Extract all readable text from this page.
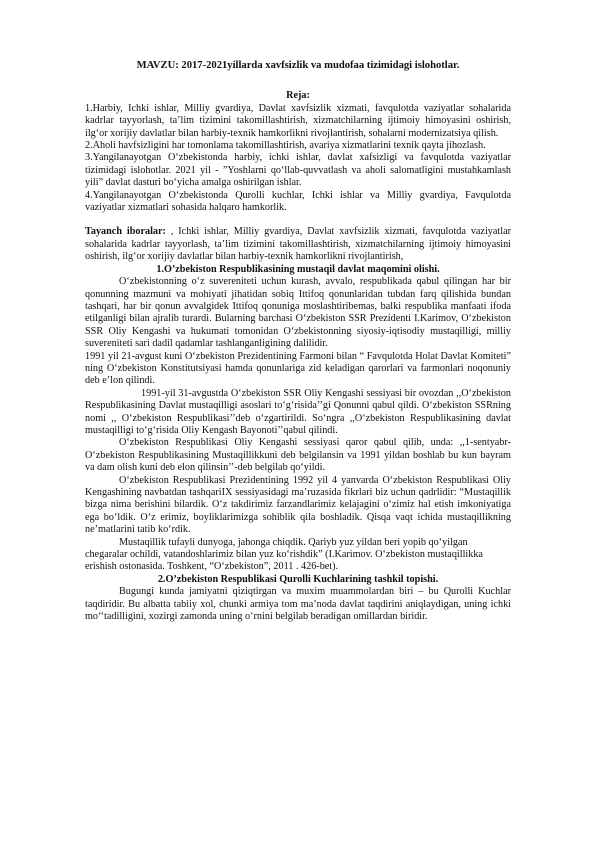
MAVZU: 2017-2021yillarda xavfsizlik va mudofaa tizimidagi islohotlar.

Reja:

1.Harbiy, Ichki ishlar, Milliy gvardiya, Davlat xavfsizlik xizmati, favqulotda vaziyatlar sohalarida kadrlar tayyorlash, ta’lim tizimini takomillashtirish, xizmatchilarning ijtimoiy himoyasini oshirish, ilg‘or xorijiy davlatlar bilan harbiy-texnik hamkorlikni rivojlantirish, sohalarni modernizatsiya qilish.

2.Aholi havfsizligini har tomonlama takomillashtirish, avariya xizmatlarini texnik qayta jihozlash.

3.Yangilanayotgan O‘zbekistonda harbiy, ichki ishlar, davlat xafsizligi va favqulotda vaziyatlar tizimidagi islohotlar. 2021 yil - ”Yoshlarni qo‘llab-quvvatlash va aholi salomatligini mustahkamlash yili” davlat dasturi bo‘yicha amalga oshirilgan ishlar.

4.Yangilanayotgan O‘zbekistonda Qurolli kuchlar, Ichki ishlar va Milliy gvardiya, Favqulotda vaziyatlar xizmatlari sohasida halqaro hamkorlik.

Tayanch iboralar: , Ichki ishlar, Milliy gvardiya, Davlat xavfsizlik xizmati, favqulotda vaziyatlar sohalarida kadrlar tayyorlash, ta’lim tizimini takomillashtirish, xizmatchilarning ijtimoiy himoyasini oshirish, ilg‘or xorijiy davlatlar bilan harbiy-texnik hamkorlikni rivojlantirish,

1.O’zbekiston Respublikasining mustaqil davlat maqomini olishi.

O‘zbekistonning o‘z suvereniteti uchun kurash, avvalo, respublikada qabul qilingan har bir qonunning mazmuni va mohiyati jihatidan sobiq Ittifoq qonunlaridan tubdan farq qilishida bundan tashqari, har bir qonun avvalgidek Ittifoq qonuniga moslashtiribemas, balki respublika manfaati ifoda etilganligi bilan ajralib turardi. Bularning barchasi O‘zbekiston SSR Prezidenti I.Karimov, O‘zbekiston SSR Oliy Kengashi va hukumati tomonidan O‘zbekistonning siyosiy-iqtisodiy mustaqilligi, milliy suvereniteti sari dadil qadamlar tashlanganligining dalilidir.

1991 yil 21-avgust kuni O‘zbekiston Prezidentining Farmoni bilan “ Favqulotda Holat Davlat Komiteti” ning O‘zbekiston Konstitutsiyasi hamda qonunlariga zid keladigan qarorlari va farmonlari noqonuniy deb e’lon qilindi.

1991-yil 31-avgustda O‘zbekiston SSR Oliy Kengashi sessiyasi bir ovozdan ,,O‘zbekiston Respublikasining Davlat mustaqilligi asoslari to‘g‘risida’’gi Qonunni qabul qildi. O‘zbekiston SSRning nomi ,, O‘zbekiston Respublikasi’’deb o‘zgartirildi. So‘ngra ,,O‘zbekiston Respublikasining davlat mustaqilligi to‘g‘risida Oliy Kengash Bayonoti’’qabul qilindi.

O‘zbekiston Respublikasi Oliy Kengashi sessiyasi qaror qabul qilib, unda: ,,1-sentyabr- O‘zbekiston Respublikasining Mustaqillikkuni deb belgilansin va 1991 yildan boshlab bu kun bayram va dam olish kuni deb elon qilinsin’’-deb belgilab qo‘yildi.

O‘zbekiston Respublikasi Prezidentining 1992 yil 4 yanvarda O‘zbekiston Respublikasi Oliy Kengashining navbatdan tashqariIX sessiyasidagi ma’ruzasida fikrlari biz uchun qadrlidir: “Mustaqillik bizga nima berishini bilardik. O‘z takdirimiz farzandlarimiz kelajagini o‘zimiz hal etish imkoniyatiga ega bo‘ldik. O‘z erimiz, boyliklarimizga sohiblik qila boshladik. Qisqa vaqt ichida mustaqillikning ne’matlarini tatib ko‘rdik.

Mustaqillik tufayli dunyoga, jahonga chiqdik. Qariyb yuz yildan beri yopib qo‘yilgan chegaralar ochildi, vatandoshlarimiz bilan yuz ko‘rishdik” (I.Karimov. O‘zbekiston mustaqillikka erishish ostonasida. Toshkent, “O‘zbekiston”, 2011 . 426-bet).

2.O’zbekiston Respublikasi Qurolli Kuchlarining tashkil topishi.

Bugungi kunda jamiyatni qiziqtirgan va muxim muammolardan biri – bu Qurolli Kuchlar taqdiridir. Bu albatta tabiiy xol, chunki armiya tom ma’noda davlat taqdirini aniqlaydigan, uning ichki mo‘‘tadilligini, xozirgi zamonda uning o‘rnini belgilab beradigan omillardan biridir.
